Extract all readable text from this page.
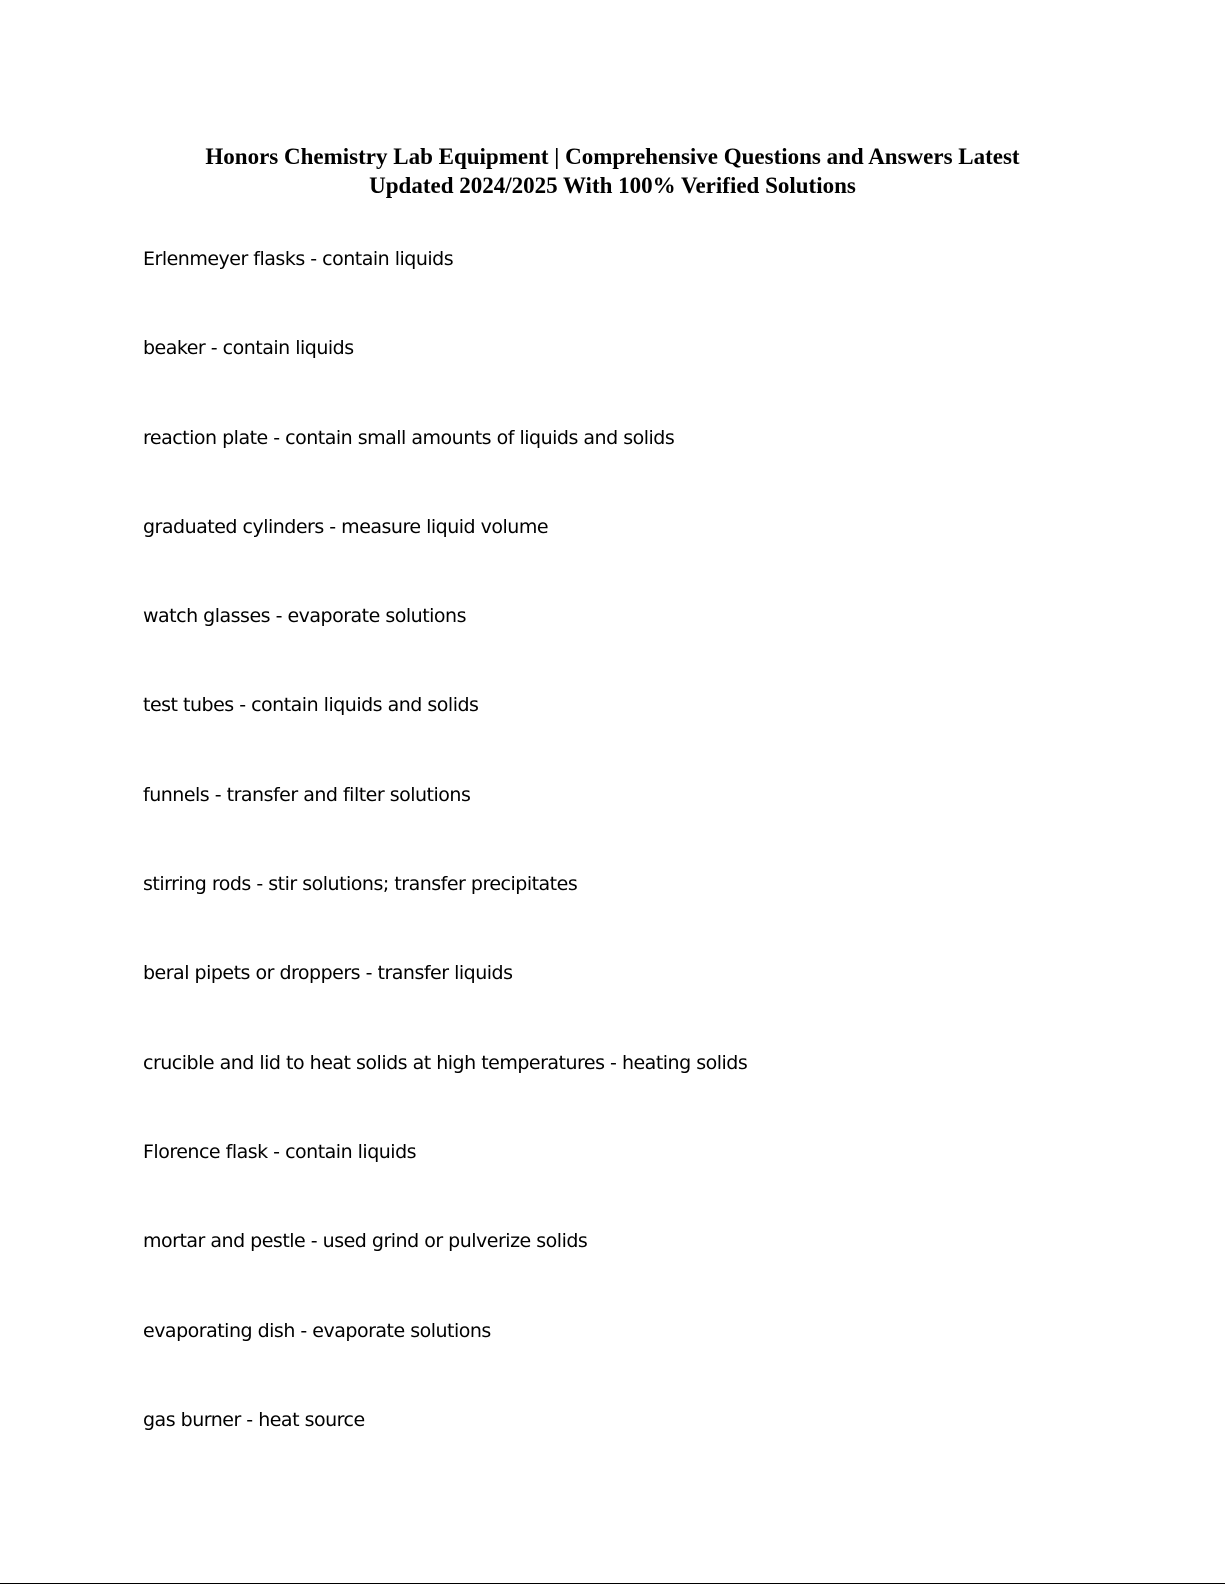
Honors Chemistry Lab Equipment | Comprehensive Questions and Answers Latest
Updated 2024/2025 With 100% Verified Solutions
Erlenmeyer flasks - contain liquids
beaker - contain liquids
reaction plate - contain small amounts of liquids and solids
graduated cylinders - measure liquid volume
watch glasses - evaporate solutions
test tubes - contain liquids and solids
funnels - transfer and filter solutions
stirring rods - stir solutions; transfer precipitates
beral pipets or droppers - transfer liquids
crucible and lid to heat solids at high temperatures - heating solids
Florence flask - contain liquids
mortar and pestle - used grind or pulverize solids
evaporating dish - evaporate solutions
gas burner - heat source
